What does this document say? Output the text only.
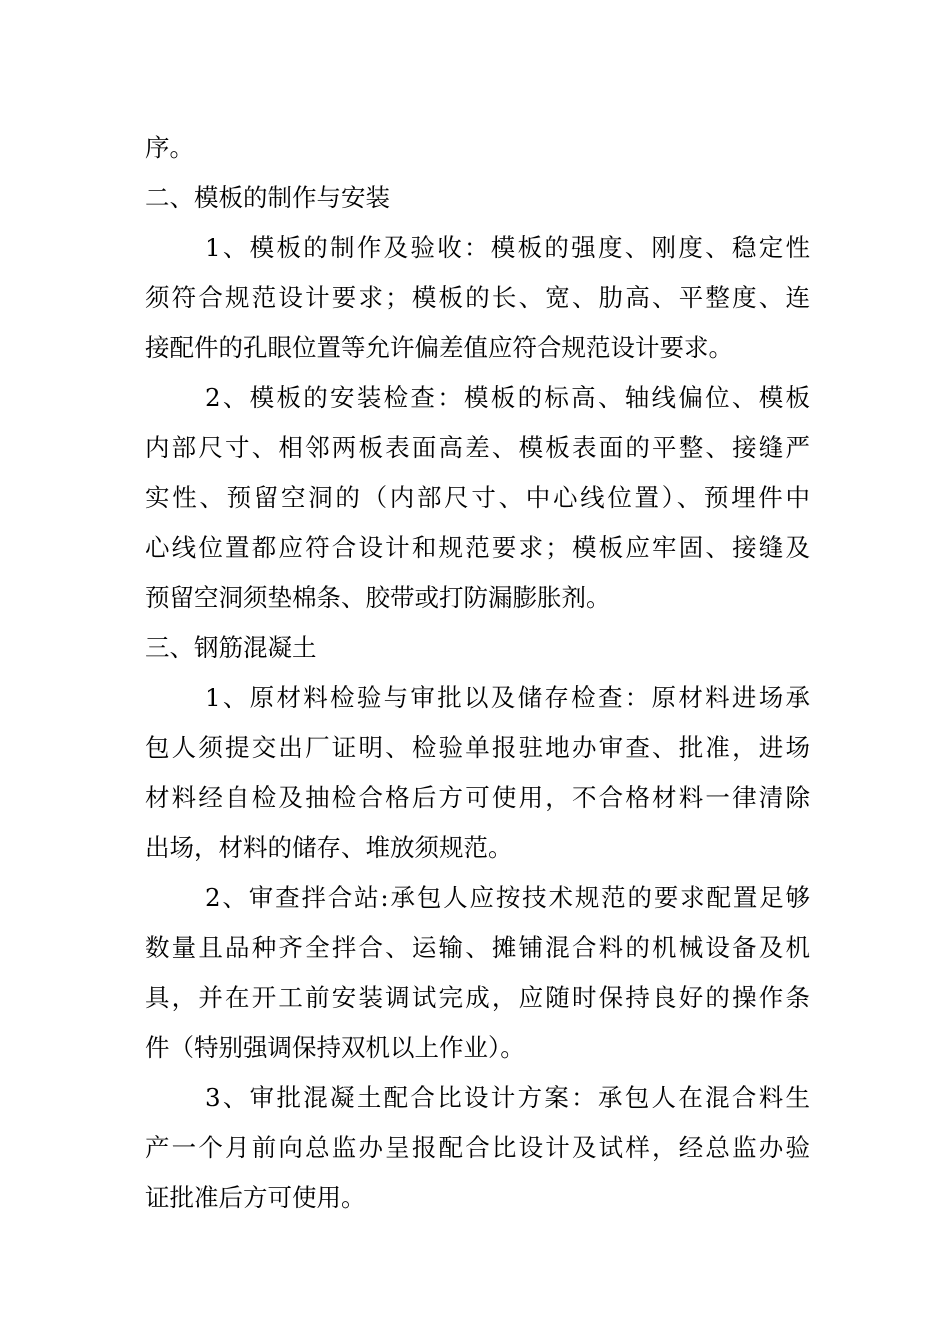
序。
二、模板的制作与安装
1、模板的制作及验收：模板的强度、刚度、稳定性
须符合规范设计要求；模板的长、宽、肋高、平整度、连
接配件的孔眼位置等允许偏差值应符合规范设计要求。
2、模板的安装检查：模板的标高、轴线偏位、模板
内部尺寸、相邻两板表面高差、模板表面的平整、接缝严
实性、预留空洞的（内部尺寸、中心线位置）、预埋件中
心线位置都应符合设计和规范要求；模板应牢固、接缝及
预留空洞须垫棉条、胶带或打防漏膨胀剂。
三、钢筋混凝土
1、原材料检验与审批以及储存检查：原材料进场承
包人须提交出厂证明、检验单报驻地办审查、批准，进场
材料经自检及抽检合格后方可使用，不合格材料一律清除
出场，材料的储存、堆放须规范。
2、审查拌合站:承包人应按技术规范的要求配置足够
数量且品种齐全拌合、运输、摊铺混合料的机械设备及机
具，并在开工前安装调试完成，应随时保持良好的操作条
件（特别强调保持双机以上作业）。
3、审批混凝土配合比设计方案：承包人在混合料生
产一个月前向总监办呈报配合比设计及试样，经总监办验
证批准后方可使用。
